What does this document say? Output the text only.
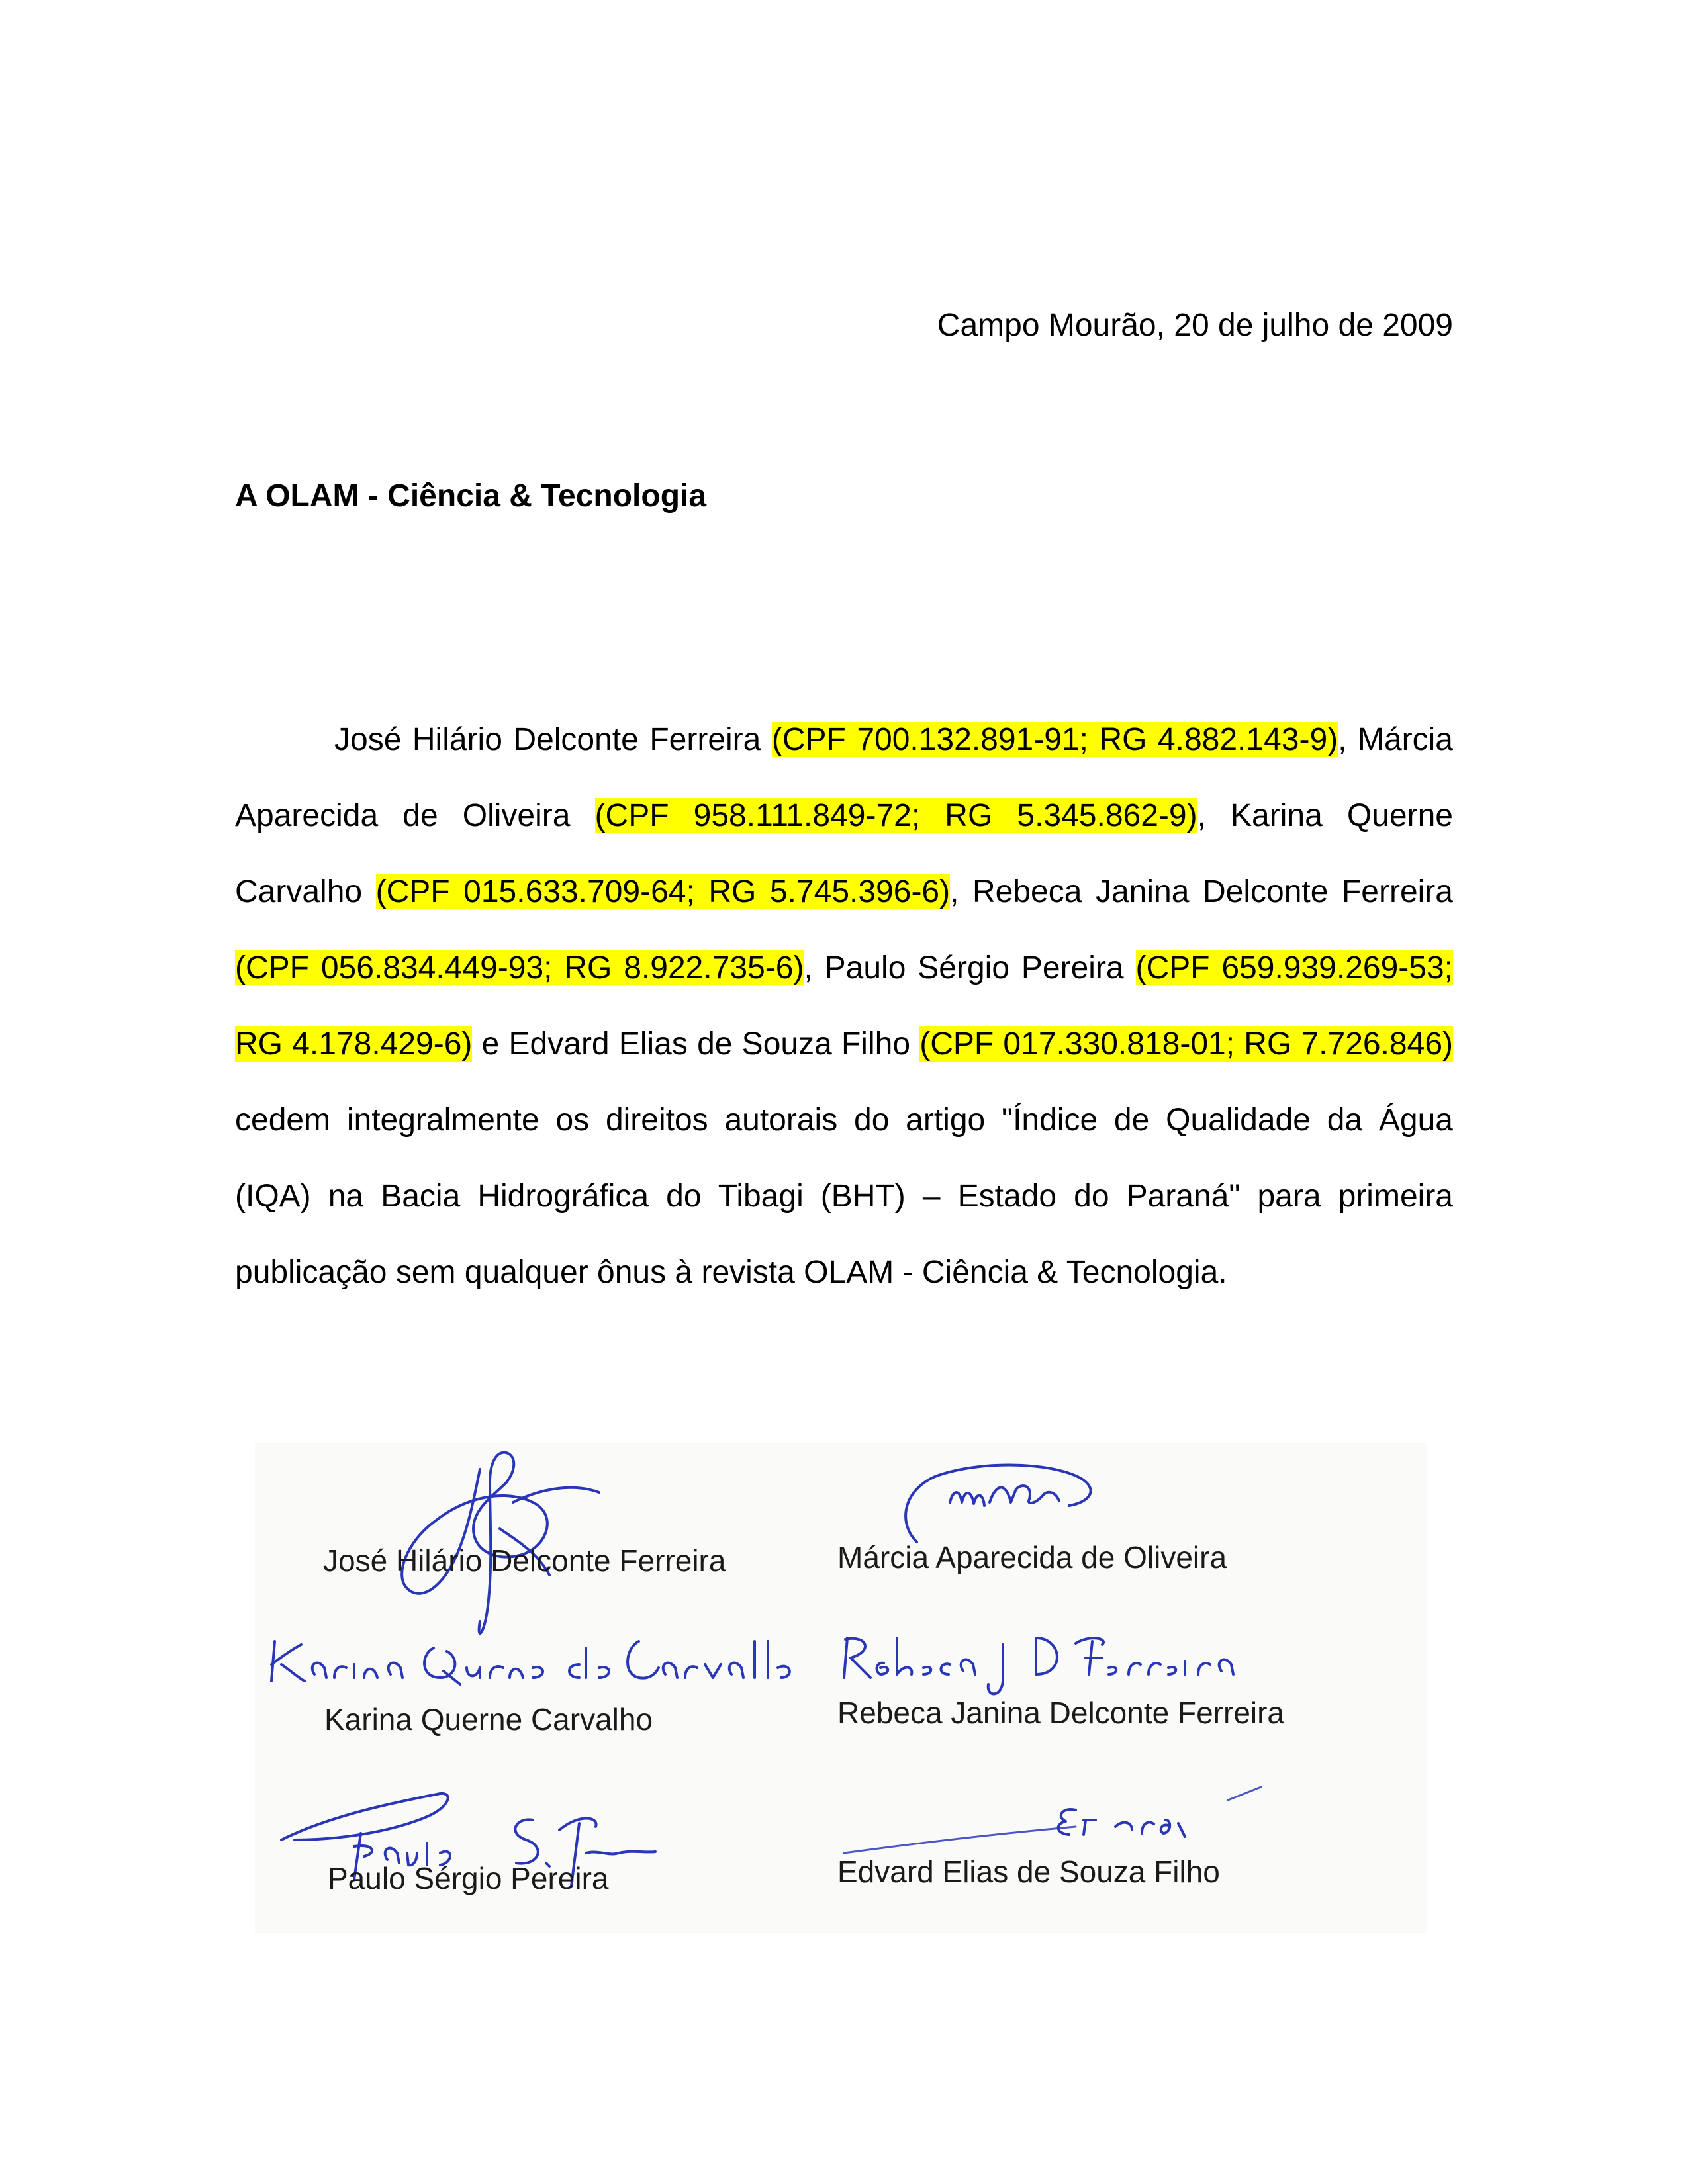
Campo Mourão, 20 de julho de 2009
A OLAM - Ciência & Tecnologia
José Hilário Delconte Ferreira (CPF 700.132.891-91; RG 4.882.143-9), Márcia Aparecida de Oliveira (CPF 958.111.849-72; RG 5.345.862-9), Karina Querne Carvalho (CPF 015.633.709-64; RG 5.745.396-6), Rebeca Janina Delconte Ferreira (CPF 056.834.449-93; RG 8.922.735-6), Paulo Sérgio Pereira (CPF 659.939.269-53; RG 4.178.429-6) e Edvard Elias de Souza Filho (CPF 017.330.818-01; RG 7.726.846) cedem integralmente os direitos autorais do artigo "Índice de Qualidade da Água (IQA) na Bacia Hidrográfica do Tibagi (BHT) – Estado do Paraná" para primeira publicação sem qualquer ônus à revista OLAM - Ciência & Tecnologia.
José Hilário Delconte Ferreira	Márcia Aparecida de Oliveira
Karina Querne Carvalho	Rebeca Janina Delconte Ferreira
Paulo Sérgio Pereira	Edvard Elias de Souza Filho
